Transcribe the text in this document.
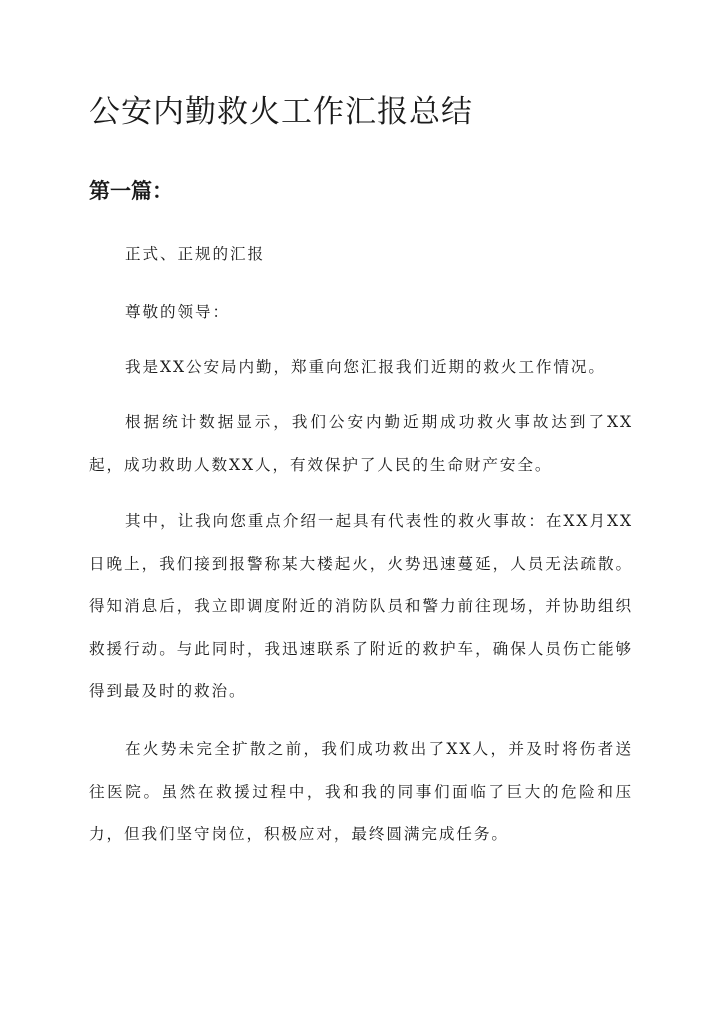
公安内勤救火工作汇报总结
第一篇：

正式、正规的汇报

尊敬的领导：

我是XX公安局内勤，郑重向您汇报我们近期的救火工作情况。

根据统计数据显示，我们公安内勤近期成功救火事故达到了XX起，成功救助人数XX人，有效保护了人民的生命财产安全。

其中，让我向您重点介绍一起具有代表性的救火事故：在XX月XX日晚上，我们接到报警称某大楼起火，火势迅速蔓延，人员无法疏散。得知消息后，我立即调度附近的消防队员和警力前往现场，并协助组织救援行动。与此同时，我迅速联系了附近的救护车，确保人员伤亡能够得到最及时的救治。

在火势未完全扩散之前，我们成功救出了XX人，并及时将伤者送往医院。虽然在救援过程中，我和我的同事们面临了巨大的危险和压力，但我们坚守岗位，积极应对，最终圆满完成任务。
